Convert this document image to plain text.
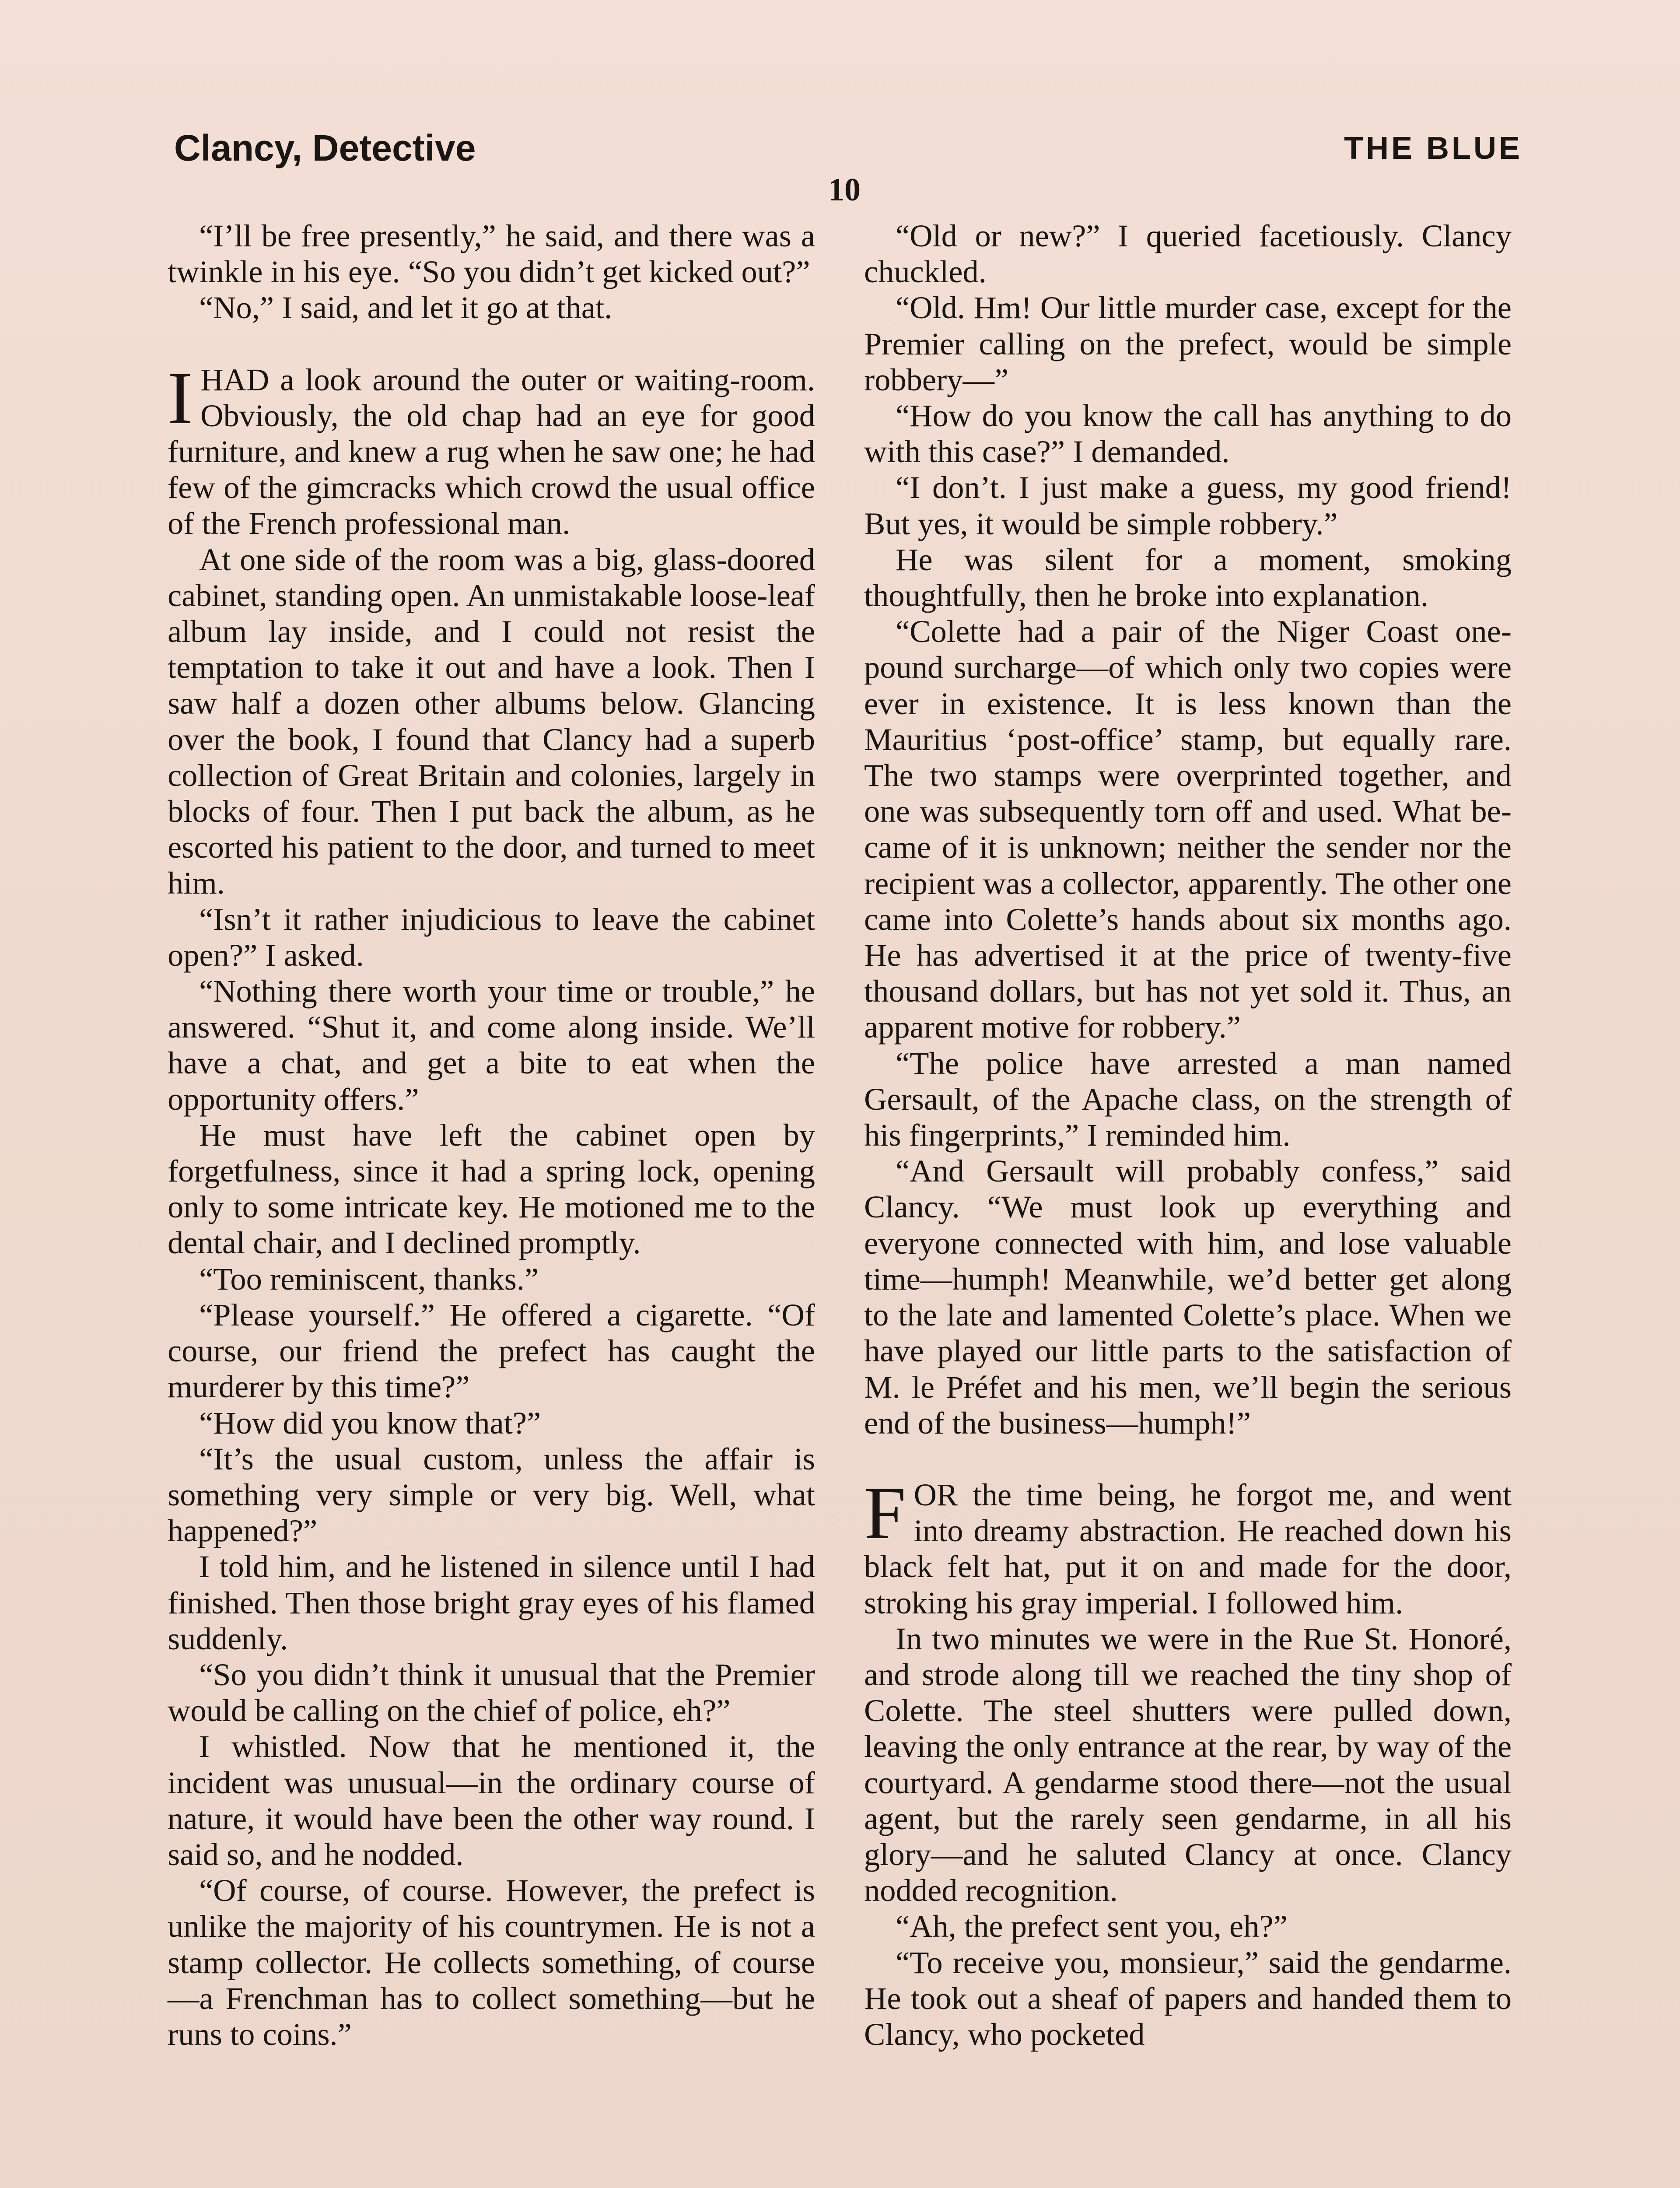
Clancy, Detective	THE BLUE
10

“I’ll be free presently,” he said, and there was a twinkle in his eye. “So you didn’t get kicked out?”

“No,” I said, and let it go at that.

I HAD a look around the outer or waiting-room. Obviously, the old chap had an eye for good furniture, and knew a rug when he saw one; he had few of the gimcracks which crowd the usual office of the French professional man.

At one side of the room was a big, glass-doored cabinet, standing open. An unmistakable loose-leaf album lay inside, and I could not resist the temptation to take it out and have a look. Then I saw half a dozen other albums below. Glancing over the book, I found that Clancy had a superb collection of Great Britain and colonies, largely in blocks of four. Then I put back the album, as he escorted his patient to the door, and turned to meet him.

“Isn’t it rather injudicious to leave the cabinet open?” I asked.

“Nothing there worth your time or trouble,” he answered. “Shut it, and come along inside. We’ll have a chat, and get a bite to eat when the opportunity offers.”

He must have left the cabinet open by forgetfulness, since it had a spring lock, opening only to some intricate key. He motioned me to the dental chair, and I declined promptly.

“Too reminiscent, thanks.”

“Please yourself.” He offered a cigarette. “Of course, our friend the prefect has caught the murderer by this time?”

“How did you know that?”

“It’s the usual custom, unless the affair is something very simple or very big. Well, what happened?”

I told him, and he listened in silence until I had finished. Then those bright gray eyes of his flamed suddenly.

“So you didn’t think it unusual that the Premier would be calling on the chief of police, eh?”

I whistled. Now that he mentioned it, the incident was unusual—in the ordinary course of nature, it would have been the other way round. I said so, and he nodded.

“Of course, of course. However, the prefect is unlike the majority of his countrymen. He is not a stamp collector. He collects something, of course—a Frenchman has to collect something—but he runs to coins.”

“Old or new?” I queried facetiously. Clancy chuckled.

“Old. Hm! Our little murder case, except for the Premier calling on the prefect, would be simple robbery—”

“How do you know the call has anything to do with this case?” I demanded.

“I don’t. I just make a guess, my good friend! But yes, it would be simple robbery.”

He was silent for a moment, smoking thoughtfully, then he broke into explanation.

“Colette had a pair of the Niger Coast one-pound surcharge—of which only two copies were ever in existence. It is less known than the Mauritius ‘post-office’ stamp, but equally rare. The two stamps were overprinted together, and one was subsequently torn off and used. What became of it is unknown; neither the sender nor the recipient was a collector, apparently. The other one came into Colette’s hands about six months ago. He has advertised it at the price of twenty-five thousand dollars, but has not yet sold it. Thus, an apparent motive for robbery.”

“The police have arrested a man named Gersault, of the Apache class, on the strength of his fingerprints,” I reminded him.

“And Gersault will probably confess,” said Clancy. “We must look up everything and everyone connected with him, and lose valuable time—humph! Meanwhile, we’d better get along to the late and lamented Colette’s place. When we have played our little parts to the satisfaction of M. le Préfet and his men, we’ll begin the serious end of the business—humph!”

FOR the time being, he forgot me, and went into dreamy abstraction. He reached down his black felt hat, put it on and made for the door, stroking his gray imperial. I followed him.

In two minutes we were in the Rue St. Honoré, and strode along till we reached the tiny shop of Colette. The steel shutters were pulled down, leaving the only entrance at the rear, by way of the courtyard. A gendarme stood there—not the usual agent, but the rarely seen gendarme, in all his glory—and he saluted Clancy at once. Clancy nodded recognition.

“Ah, the prefect sent you, eh?”

“To receive you, monsieur,” said the gendarme. He took out a sheaf of papers and handed them to Clancy, who pocketed
